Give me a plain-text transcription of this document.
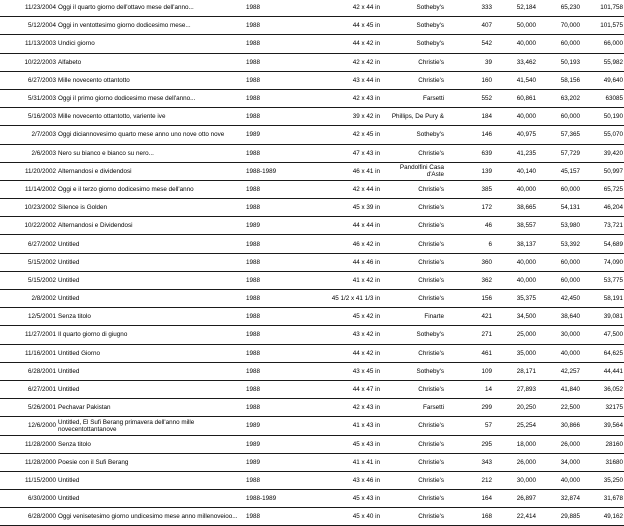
11/23/2004	Oggi il quarto giorno dell'ottavo mese dell'anno...	1988	42 x 44 in	Sotheby's	333	52,184	65,230	101,758
5/12/2004	Oggi in ventottesimo giorno dodicesimo mese...	1988	44 x 45 in	Sotheby's	407	50,000	70,000	101,575
11/13/2003	Undici giorno	1988	44 x 42 in	Sotheby's	542	40,000	60,000	66,000
10/22/2003	Alfabeto	1988	42 x 42 in	Christie's	39	33,462	50,193	55,982
6/27/2003	Mille novecento ottantotto	1988	43 x 44 in	Christie's	160	41,540	58,156	49,640
5/31/2003	Oggi il primo giorno dodicesimo mese dell'anno...	1988	42 x 43 in	Farsetti	552	60,861	63,202	63085
5/16/2003	Mille novecento ottantotto, variente ive	1988	39 x 42 in	Phillips, De Pury &	184	40,000	60,000	50,190
2/7/2003	Oggi diciannovesimo quarto mese anno uno nove otto nove	1989	42 x 45 in	Sotheby's	146	40,975	57,365	55,070
2/6/2003	Nero su bianco e bianco su nero...	1988	47 x 43 in	Christie's	639	41,235	57,729	39,420
11/20/2002	Alternandosi e dividendosi	1988-1989	46 x 41 in	Pandolfini Casa d'Aste	139	40,140	45,157	50,997
11/14/2002	Oggi e il terzo giorno dodicesimo mese dell'anno	1988	42 x 44 in	Christie's	385	40,000	60,000	65,725
10/23/2002	Silence is Golden	1988	45 x 39 in	Christie's	172	38,665	54,131	46,204
10/22/2002	Alternandosi e Dividendosi	1989	44 x 44 in	Christie's	46	38,557	53,980	73,721
6/27/2002	Untitled	1988	46 x 42 in	Christie's	6	38,137	53,392	54,689
5/15/2002	Untitled	1988	44 x 46 in	Christie's	360	40,000	60,000	74,090
5/15/2002	Untitled	1988	41 x 42 in	Christie's	362	40,000	60,000	53,775
2/8/2002	Untitled	1988	45 1/2 x 41 1/3 in	Christie's	156	35,375	42,450	58,191
12/5/2001	Senza titolo	1988	45 x 42 in	Finarte	421	34,500	38,640	39,081
11/27/2001	Il quarto giorno di giugno	1988	43 x 42 in	Sotheby's	271	25,000	30,000	47,500
11/16/2001	Untitled Giorno	1988	44 x 42 in	Christie's	461	35,000	40,000	64,625
6/28/2001	Untitled	1988	43 x 45 in	Sotheby's	109	28,171	42,257	44,441
6/27/2001	Untitled	1988	44 x 47 in	Christie's	14	27,893	41,840	36,052
5/26/2001	Pechavar Pakistan	1988	42 x 43 in	Farsetti	299	20,250	22,500	32175
12/6/2000	Untitled, El Sufi Berang primavera dell'anno mille novecentottantanove	1989	41 x 43 in	Christie's	57	25,254	30,866	39,564
11/28/2000	Senza titolo	1989	45 x 43 in	Christie's	295	18,000	26,000	28160
11/28/2000	Poesie con il Sufi Berang	1989	41 x 41 in	Christie's	343	26,000	34,000	31680
11/15/2000	Untitled	1988	43 x 46 in	Christie's	212	30,000	40,000	35,250
6/30/2000	Untitled	1988-1989	45 x 43 in	Christie's	164	26,897	32,874	31,678
6/28/2000	Oggi venisetesimo giorno undicesimo mese anno millenoveioo...	1988	45 x 40 in	Christie's	168	22,414	29,885	49,162
